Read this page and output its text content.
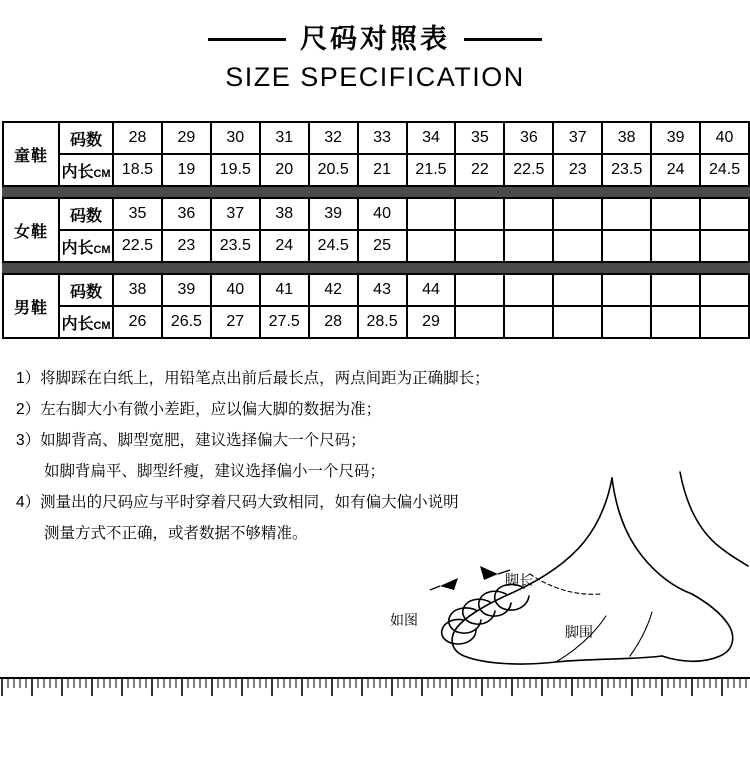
尺码对照表
SIZE SPECIFICATION
童鞋	码数	28	29	30	31	32	33	34	35	36	37	38	39	40
	内长CM	18.5	19	19.5	20	20.5	21	21.5	22	22.5	23	23.5	24	24.5
女鞋	码数	35	36	37	38	39	40							
	内长CM	22.5	23	23.5	24	24.5	25							
男鞋	码数	38	39	40	41	42	43	44						
	内长CM	26	26.5	27	27.5	28	28.5	29						
1）将脚踩在白纸上，用铅笔点出前后最长点，两点间距为正确脚长；
2）左右脚大小有微小差距，应以偏大脚的数据为准；
3）如脚背高、脚型宽肥，建议选择偏大一个尺码；
如脚背扁平、脚型纤瘦，建议选择偏小一个尺码；
4）测量出的尺码应与平时穿着尺码大致相同，如有偏大偏小说明
测量方式不正确，或者数据不够精准。
如图
脚长
脚围
